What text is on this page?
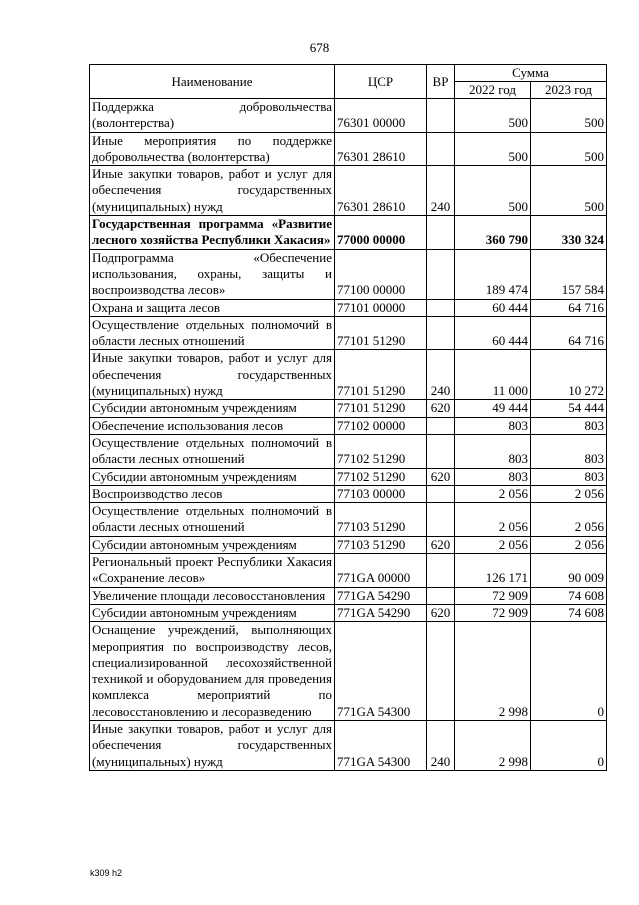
678
Наименование	ЦСР	ВР	Сумма	
			2022 год	2023 год
Поддержка добровольчества (волонтерства)	76301 00000		500	500
Иные мероприятия по поддержке добровольчества (волонтерства)	76301 28610		500	500
Иные закупки товаров, работ и услуг для обеспечения государственных (муниципальных) нужд	76301 28610	240	500	500
Государственная программа «Развитие лесного хозяйства Республики Хакасия»	77000 00000		360 790	330 324
Подпрограмма «Обеспечение использования, охраны, защиты и воспроизводства лесов»	77100 00000		189 474	157 584
Охрана и защита лесов	77101 00000		60 444	64 716
Осуществление отдельных полномочий в области лесных отношений	77101 51290		60 444	64 716
Иные закупки товаров, работ и услуг для обеспечения государственных (муниципальных) нужд	77101 51290	240	11 000	10 272
Субсидии автономным учреждениям	77101 51290	620	49 444	54 444
Обеспечение использования лесов	77102 00000		803	803
Осуществление отдельных полномочий в области лесных отношений	77102 51290		803	803
Субсидии автономным учреждениям	77102 51290	620	803	803
Воспроизводство лесов	77103 00000		2 056	2 056
Осуществление отдельных полномочий в области лесных отношений	77103 51290		2 056	2 056
Субсидии автономным учреждениям	77103 51290	620	2 056	2 056
Региональный проект Республики Хакасия «Сохранение лесов»	771GA 00000		126 171	90 009
Увеличение площади лесовосстановления	771GA 54290		72 909	74 608
Субсидии автономным учреждениям	771GA 54290	620	72 909	74 608
Оснащение учреждений, выполняющих мероприятия по воспроизводству лесов, специализированной лесохозяйственной техникой и оборудованием для проведения комплекса мероприятий по лесовосстановлению и лесоразведению	771GA 54300		2 998	0
Иные закупки товаров, работ и услуг для обеспечения государственных (муниципальных) нужд	771GA 54300	240	2 998	0
k309 h2
